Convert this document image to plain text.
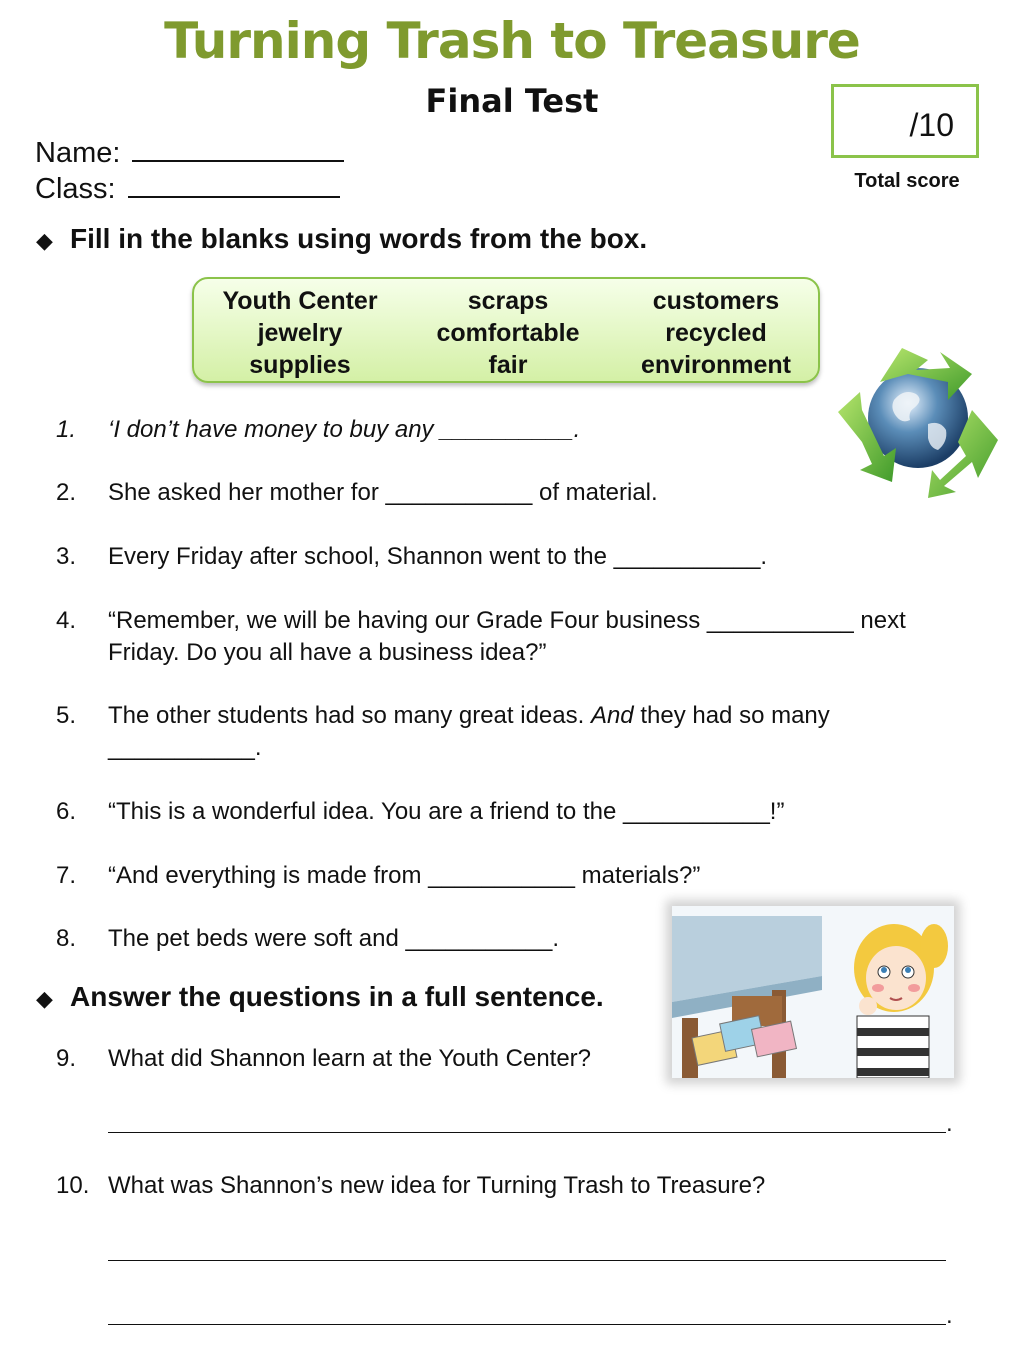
Turning Trash to Treasure
Final Test
/10
Total score
Name:
Class:
◆ Fill in the blanks using words from the box.
Youth Center	scraps	customers
jewelry	comfortable	recycled
supplies	fair	environment
1.	‘I don’t have money to buy any __________.
2.	She asked her mother for ___________ of material.
3.	Every Friday after school, Shannon went to the ___________.
4.	“Remember, we will be having our Grade Four business ___________ next Friday. Do you all have a business idea?”
5.	The other students had so many great ideas. And they had so many ___________.
6.	“This is a wonderful idea. You are a friend to the ___________!”
7.	“And everything is made from ___________ materials?”
8.	The pet beds were soft and ___________.
◆ Answer the questions in a full sentence.
9.	What did Shannon learn at the Youth Center?
.
10. What was Shannon’s new idea for Turning Trash to Treasure?
.
